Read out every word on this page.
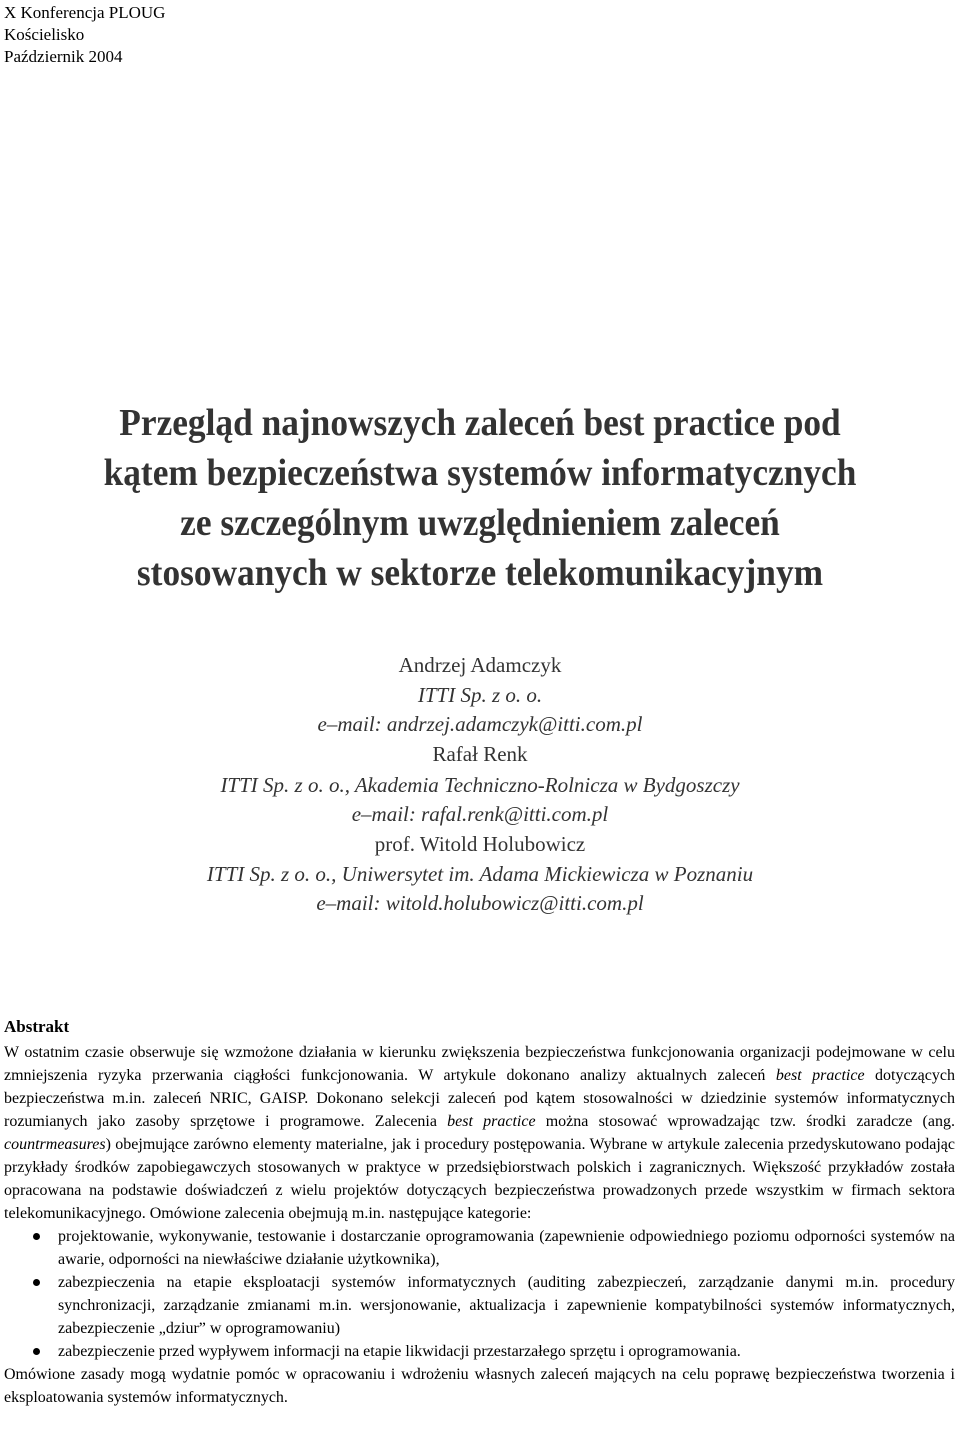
X Konferencja PLOUG
Kościelisko
Październik 2004
Przegląd najnowszych zaleceń best practice pod
kątem bezpieczeństwa systemów informatycznych
ze szczególnym uwzględnieniem zaleceń
stosowanych w sektorze telekomunikacyjnym
Andrzej Adamczyk
ITTI Sp. z o. o.
e–mail: andrzej.adamczyk@itti.com.pl
Rafał Renk
ITTI Sp. z o. o., Akademia Techniczno-Rolnicza w Bydgoszczy
e–mail: rafal.renk@itti.com.pl
prof. Witold Holubowicz
ITTI Sp. z o. o., Uniwersytet im. Adama Mickiewicza w Poznaniu
e–mail: witold.holubowicz@itti.com.pl
Abstrakt

W ostatnim czasie obserwuje się wzmożone działania w kierunku zwiększenia bezpieczeństwa funkcjonowania organizacji podejmowane w celu zmniejszenia ryzyka przerwania ciągłości funkcjonowania. W artykule dokonano analizy aktualnych zaleceń best practice dotyczących bezpieczeństwa m.in. zaleceń NRIC, GAISP. Dokonano selekcji zaleceń pod kątem stosowalności w dziedzinie systemów informatycznych rozumianych jako zasoby sprzętowe i programowe. Zalecenia best practice można stosować wprowadzając tzw. środki zaradcze (ang. countrmeasures) obejmujące zarówno elementy materialne, jak i procedury postępowania. Wybrane w artykule zalecenia przedyskutowano podając przykłady środków zapobiegawczych stosowanych w praktyce w przedsiębiorstwach polskich i zagranicznych. Większość przykładów została opracowana na podstawie doświadczeń z wielu projektów dotyczących bezpieczeństwa prowadzonych przede wszystkim w firmach sektora telekomunikacyjnego. Omówione zalecenia obejmują m.in. następujące kategorie:

projektowanie, wykonywanie, testowanie i dostarczanie oprogramowania (zapewnienie odpowiedniego poziomu odporności systemów na awarie, odporności na niewłaściwe działanie użytkownika),
zabezpieczenia na etapie eksploatacji systemów informatycznych (auditing zabezpieczeń, zarządzanie danymi m.in. procedury synchronizacji, zarządzanie zmianami m.in. wersjonowanie, aktualizacja i zapewnienie kompatybilności systemów informatycznych, zabezpieczenie „dziur” w oprogramowaniu)
zabezpieczenie przed wypływem informacji na etapie likwidacji przestarzałego sprzętu i oprogramowania.

Omówione zasady mogą wydatnie pomóc w opracowaniu i wdrożeniu własnych zaleceń mających na celu poprawę bezpieczeństwa tworzenia i eksploatowania systemów informatycznych.
